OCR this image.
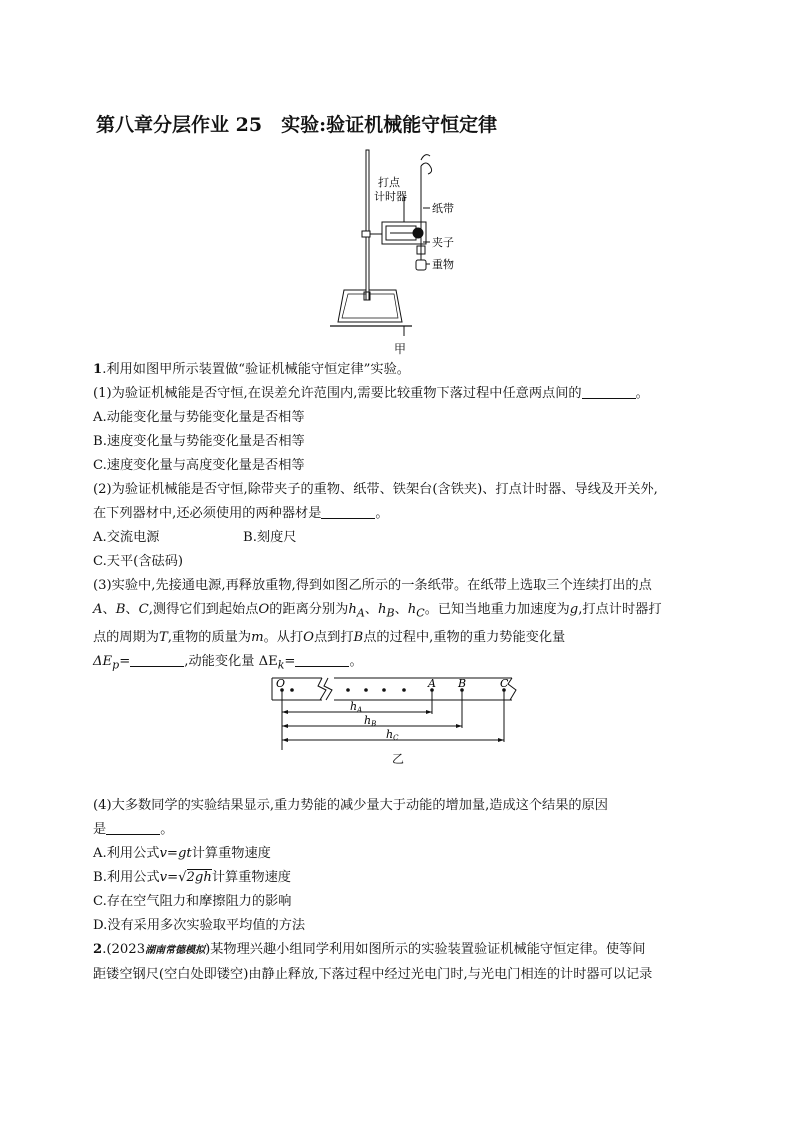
第八章分层作业 25　实验:验证机械能守恒定律
打点
计时器
纸带
夹子
重物
甲

1.利用如图甲所示装置做“验证机械能守恒定律”实验。

(1)为验证机械能是否守恒,在误差允许范围内,需要比较重物下落过程中任意两点间的	。

A.动能变化量与势能变化量是否相等

B.速度变化量与势能变化量是否相等

C.速度变化量与高度变化量是否相等

(2)为验证机械能是否守恒,除带夹子的重物、纸带、铁架台(含铁夹)、打点计时器、导线及开关外,

在下列器材中,还必须使用的两种器材是	。

A.交流电源	B.刻度尺

C.天平(含砝码)

(3)实验中,先接通电源,再释放重物,得到如图乙所示的一条纸带。在纸带上选取三个连续打出的点

A、B、C,测得它们到起始点O的距离分别为$h_A$、$h_B$、$h_C$。已知当地重力加速度为g,打点计时器打

点的周期为T,重物的质量为m。从打O点到打B点的过程中,重物的重力势能变化量

$\Delta E_p=$	,动能变化量 $\Delta E_k=$	。

O	A B	C
hA
hB
hC
乙

(4)大多数同学的实验结果显示,重力势能的减少量大于动能的增加量,造成这个结果的原因

是	。

A.利用公式v=gt计算重物速度

B.利用公式v=√2gh计算重物速度

C.存在空气阻力和摩擦阻力的影响

D.没有采用多次实验取平均值的方法

2.(2023湖南常德模拟)某物理兴趣小组同学利用如图所示的实验装置验证机械能守恒定律。使等间

距镂空钢尺(空白处即镂空)由静止释放,下落过程中经过光电门时,与光电门相连的计时器可以记录
